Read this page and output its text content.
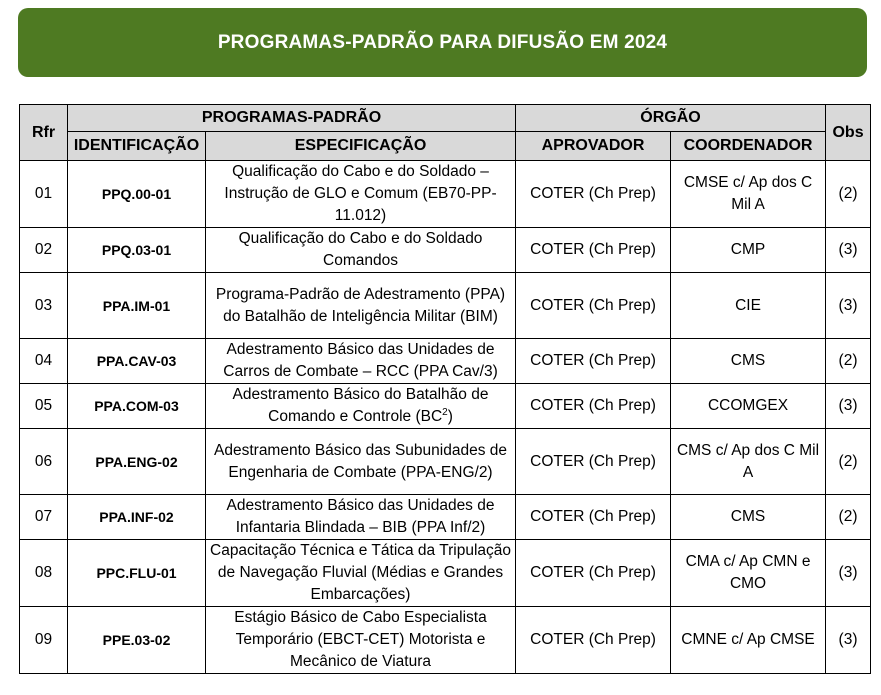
PROGRAMAS-PADRÃO PARA DIFUSÃO EM 2024
Rfr	PROGRAMAS-PADRÃO		ÓRGÃO		Obs
	IDENTIFICAÇÃO	ESPECIFICAÇÃO	APROVADOR	COORDENADOR	
01	PPQ.00-01	Qualificação do Cabo e do Soldado – Instrução de GLO e Comum (EB70-PP-11.012)	COTER (Ch Prep)	CMSE c/ Ap dos C Mil A	(2)
02	PPQ.03-01	Qualificação do Cabo e do Soldado Comandos	COTER (Ch Prep)	CMP	(3)
03	PPA.IM-01	Programa-Padrão de Adestramento (PPA) do Batalhão de Inteligência Militar (BIM)	COTER (Ch Prep)	CIE	(3)
04	PPA.CAV-03	Adestramento Básico das Unidades de Carros de Combate – RCC (PPA Cav/3)	COTER (Ch Prep)	CMS	(2)
05	PPA.COM-03	Adestramento Básico do Batalhão de Comando e Controle $(BC^2)$	COTER (Ch Prep)	CCOMGEX	(3)
06	PPA.ENG-02	Adestramento Básico das Subunidades de Engenharia de Combate (PPA-ENG/2)	COTER (Ch Prep)	CMS c/ Ap dos C Mil A	(2)
07	PPA.INF-02	Adestramento Básico das Unidades de Infantaria Blindada – BIB (PPA Inf/2)	COTER (Ch Prep)	CMS	(2)
08	PPC.FLU-01	Capacitação Técnica e Tática da Tripulação de Navegação Fluvial (Médias e Grandes Embarcações)	COTER (Ch Prep)	CMA c/ Ap CMN e CMO	(3)
09	PPE.03-02	Estágio Básico de Cabo Especialista Temporário (EBCT-CET) Motorista e Mecânico de Viatura	COTER (Ch Prep)	CMNE c/ Ap CMSE	(3)
